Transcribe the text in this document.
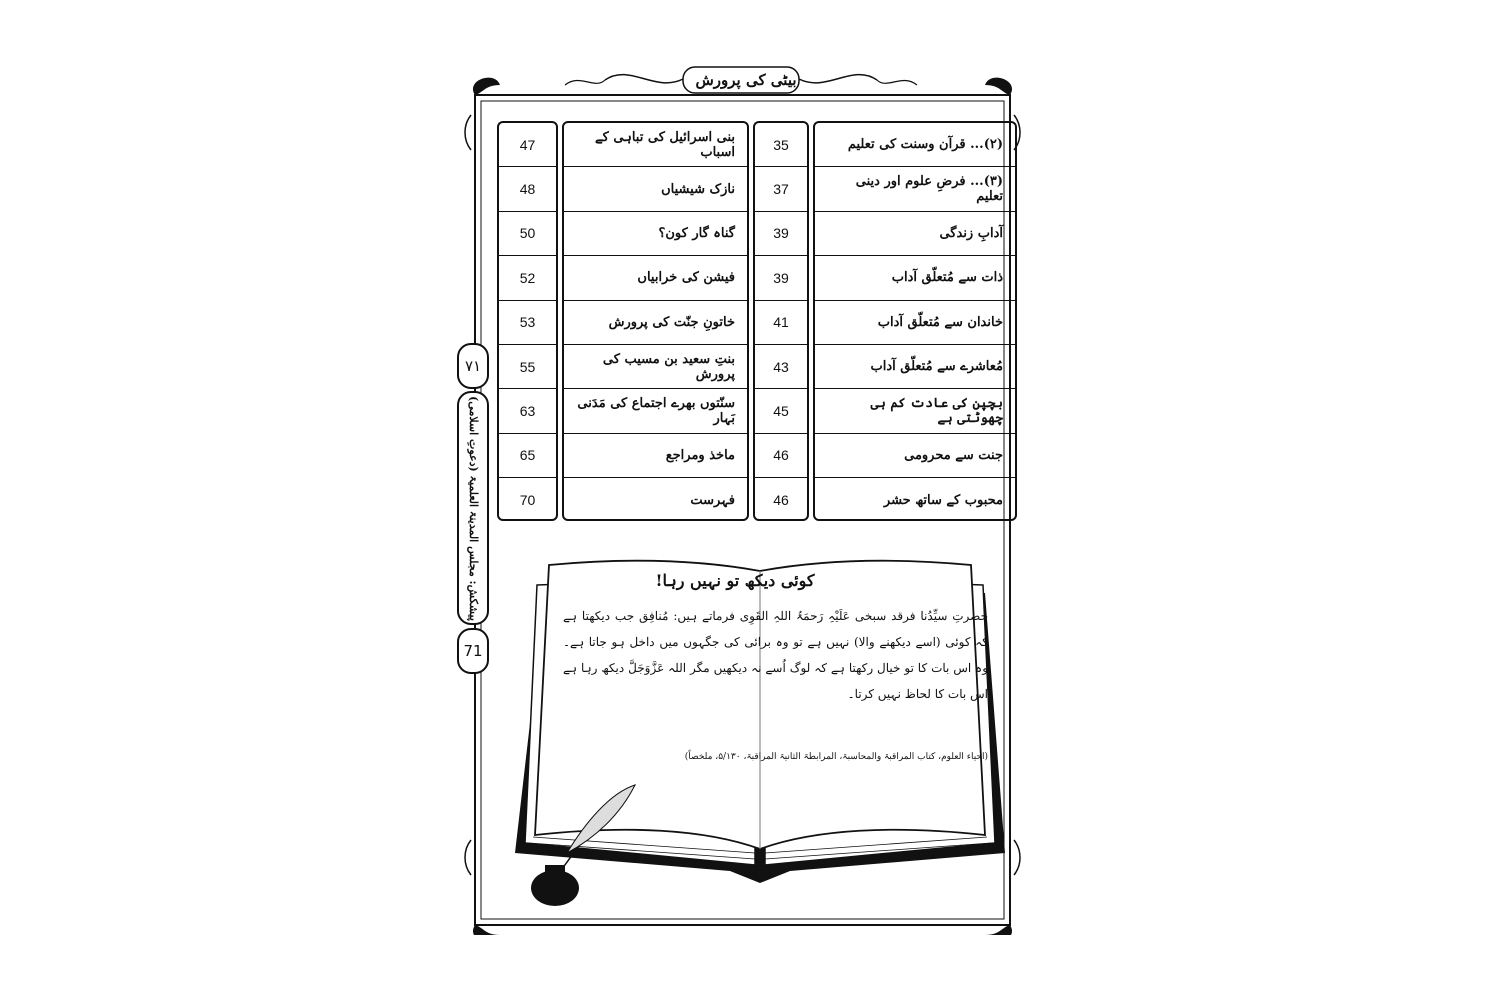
بیٹی کی پرورش
۷۱
پیشکش: مجلس المدینۃ العلمیۃ (دعوتِ اسلامی)
71
(۲)... قرآن وسنت کی تعلیم
(۳)... فرضِ علوم اور دینی تعلیم
آدابِ زندگی
ذات سے مُتعلّق آداب
خاندان سے مُتعلّق آداب
مُعاشرے سے مُتعلّق آداب
بچپن کی عادت کم ہی چھوٹتی ہے
جنت سے محرومی
محبوب کے ساتھ حشر
35
37
39
39
41
43
45
46
46
بنی اسرائیل کی تباہی کے اسباب
نازک شیشیاں
گناہ گار کون؟
فیشن کی خرابیاں
خاتونِ جنّت کی پرورش
بنتِ سعید بن مسیب کی پرورش
سنّتوں بھرے اجتماع کی مَدَنی بَہار
ماخذ ومراجع
فہرست
47
48
50
52
53
55
63
65
70
کوئی دیکھ تو نہیں رہا!
حضرتِ سیِّدُنا فرقد سبخی عَلَیْہِ رَحمَۃُ اللہِ القَوِی فرماتے ہیں: مُنافِق جب دیکھتا ہے کہ کوئی (اسے دیکھنے والا) نہیں ہے تو وہ برائی کی جگہوں میں داخل ہو جاتا ہے۔ وہ اس بات کا تو خیال رکھتا ہے کہ لوگ اُسے نہ دیکھیں مگر اللہ عَزَّوَجَلَّ دیکھ رہا ہے اس بات کا لحاظ نہیں کرتا۔
(احیاء العلوم، کتاب المراقبۃ والمحاسبۃ، المرابطۃ الثانیۃ المراقبۃ، ۵/۱۳۰، ملخصاً)
